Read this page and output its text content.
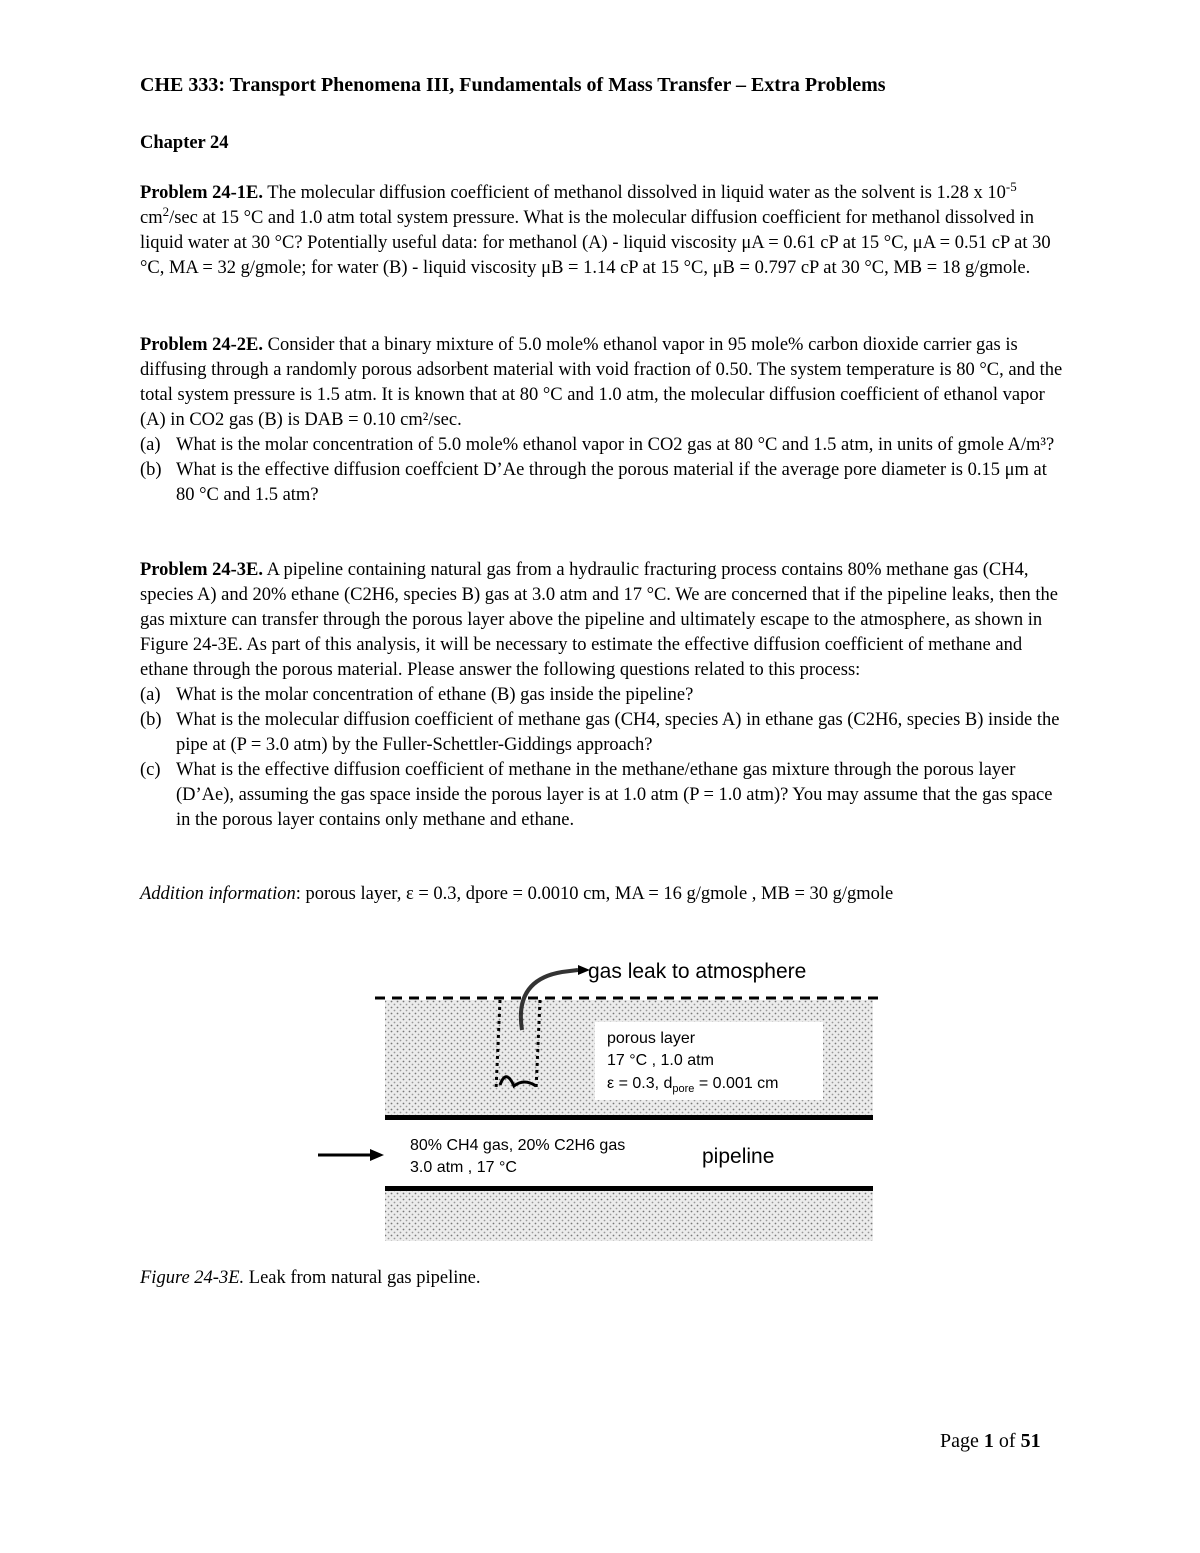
CHE 333: Transport Phenomena III, Fundamentals of Mass Transfer – Extra Problems
Chapter 24
Problem 24-1E. The molecular diffusion coefficient of methanol dissolved in liquid water as the solvent is 1.28 x $10^{-5}$ $cm^2/\sec$ at 15 °C and 1.0 atm total system pressure. What is the molecular diffusion coefficient for methanol dissolved in liquid water at 30 °C? Potentially useful data: for methanol (A) - liquid viscosity μA = 0.61 cP at 15 °C, μA = 0.51 cP at 30 °C, MA = 32 g/gmole; for water (B) - liquid viscosity μB = 1.14 cP at 15 °C, μB = 0.797 cP at 30 °C, MB = 18 g/gmole.
Problem 24-2E. Consider that a binary mixture of 5.0 mole% ethanol vapor in 95 mole% carbon dioxide carrier gas is diffusing through a randomly porous adsorbent material with void fraction of 0.50. The system temperature is 80 °C, and the total system pressure is 1.5 atm. It is known that at 80 °C and 1.0 atm, the molecular diffusion coefficient of ethanol vapor (A) in CO2 gas (B) is DAB = 0.10 cm²/sec.
(a) What is the molar concentration of 5.0 mole% ethanol vapor in CO2 gas at 80 °C and 1.5 atm, in units of gmole A/m³?
(b) What is the effective diffusion coeffcient D’Ae through the porous material if the average pore diameter is 0.15 μm at 80 °C and 1.5 atm?
Problem 24-3E. A pipeline containing natural gas from a hydraulic fracturing process contains 80% methane gas (CH4, species A) and 20% ethane (C2H6, species B) gas at 3.0 atm and 17 °C. We are concerned that if the pipeline leaks, then the gas mixture can transfer through the porous layer above the pipeline and ultimately escape to the atmosphere, as shown in Figure 24-3E. As part of this analysis, it will be necessary to estimate the effective diffusion coefficient of methane and ethane through the porous material. Please answer the following questions related to this process:
(a) What is the molar concentration of ethane (B) gas inside the pipeline?
(b) What is the molecular diffusion coefficient of methane gas (CH4, species A) in ethane gas (C2H6, species B) inside the pipe at (P = 3.0 atm) by the Fuller-Schettler-Giddings approach?
(c) What is the effective diffusion coefficient of methane in the methane/ethane gas mixture through the porous layer (D’Ae), assuming the gas space inside the porous layer is at 1.0 atm (P = 1.0 atm)? You may assume that the gas space in the porous layer contains only methane and ethane.
Addition information: porous layer, ε = 0.3, dpore = 0.0010 cm, MA = 16 g/gmole , MB = 30 g/gmole
gas leak to atmosphere
porous layer
17 °C , 1.0 atm
ε = 0.3, $d_{pore} = 0.001$ cm
80% CH4 gas, 20% C2H6 gas
3.0 atm , 17 °C	pipeline
Figure 24-3E. Leak from natural gas pipeline.
Page 1 of 51
